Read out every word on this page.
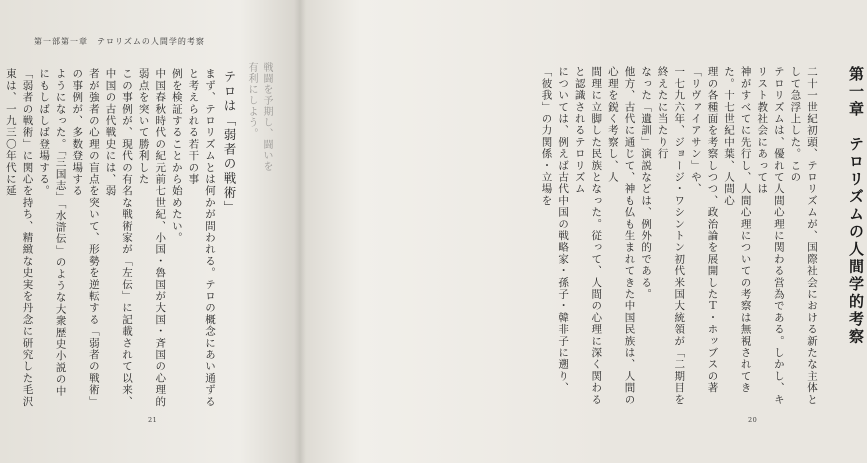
第一部第一章　テロリズムの人間学的考察
戦闘を予期し、闘いを有利にしよう。
テロは「弱者の戦術」

まず、テロリズムとは何かが問われる。テロの概念にあい通ずると考えられる若干の事

例を検証することから始めたい。

中国春秋時代の紀元前七世紀、小国・魯国が大国・斉国の心理的弱点を突いて勝利した

この事例が、現代の有名な戦術家が「左伝」に記載されて以来、中国の古代戦史には、弱

者が強者の心理の盲点を突いて、形勢を逆転する「弱者の戦術」の事例が、多数登場する

ようになった。「三国志」「水滸伝」のような大衆歴史小説の中にもしばしば登場する。

「弱者の戦術」に関心を持ち、精緻な史実を丹念に研究した毛沢東は、一九三〇年代に延

21
第一章　テロリズムの人間学的考察

二十一世紀初頭、テロリズムが、国際社会における新たな主体として急浮上した。この

テロリズムは、優れて人間心理に関わる営為である。しかし、キリスト教社会にあっては

神がすべてに先行し、人間心理についての考察は無視されてきた。十七世紀中葉、人間心

理の各種面を考察しつつ、政治論を展開したＴ・ホッブスの著「リヴァイアサン」や、

一七九六年、ジョージ・ワシントン初代米国大統領が「二期目を終えたに当たり行

なった「遺訓」演説などは、例外的である。

他方、古代に通じて、神も仏も生まれてきた中国民族は、人間の心理を鋭く考察し、人

間理に立脚した民族となった。従って、人間の心理に深く関わると認識されるテロリズム

については、例えば古代中国の戦略家・孫子・韓非子に遡り、「彼我」の力関係・立場を

20
